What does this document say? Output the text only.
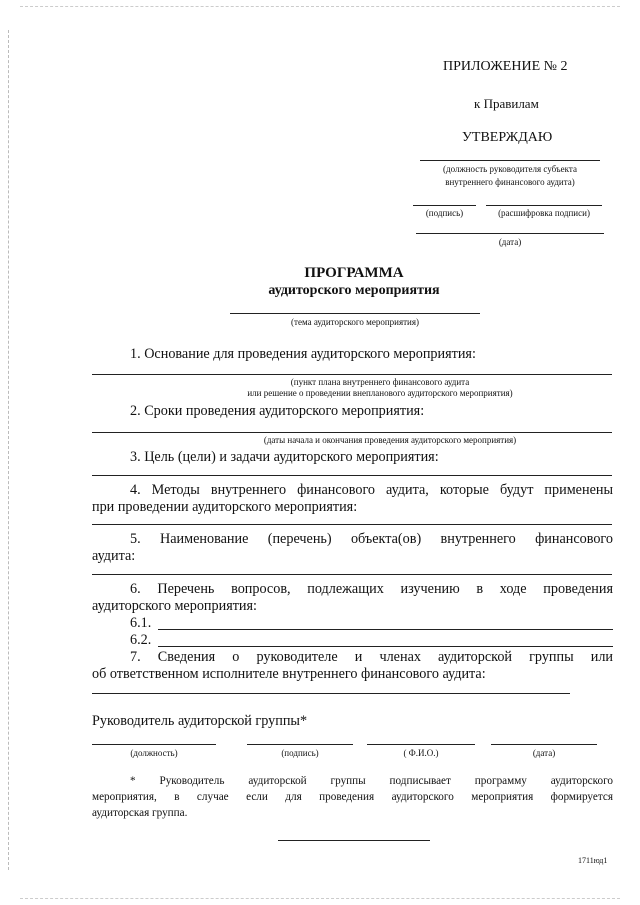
ПРИЛОЖЕНИЕ № 2
к Правилам
УТВЕРЖДАЮ
(должность руководителя субъекта
внутреннего финансового аудита)
(подпись)	(расшифровка подписи)
(дата)
ПРОГРАММА
аудиторского мероприятия
(тема аудиторского мероприятия)
1. Основание для проведения аудиторского мероприятия:
(пункт плана внутреннего финансового аудита
или решение о проведении внепланового аудиторского мероприятия)
2. Сроки проведения аудиторского мероприятия:
(даты начала и окончания проведения аудиторского мероприятия)
3. Цель (цели) и задачи аудиторского мероприятия:
4. Методы внутреннего финансового аудита, которые будут применены
при проведении аудиторского мероприятия:
5. Наименование (перечень) объекта(ов) внутреннего финансового
аудита:
6. Перечень вопросов, подлежащих изучению в ходе проведения
аудиторского мероприятия:
6.1.
6.2.
7. Сведения о руководителе и членах аудиторской группы или
об ответственном исполнителе внутреннего финансового аудита:
Руководитель аудиторской группы*
(должность)	(подпись)	( Ф.И.О.)	(дата)
* Руководитель аудиторской группы подписывает программу аудиторского
мероприятия, в случае если для проведения аудиторского мероприятия формируется
аудиторская группа.
1711юд1
